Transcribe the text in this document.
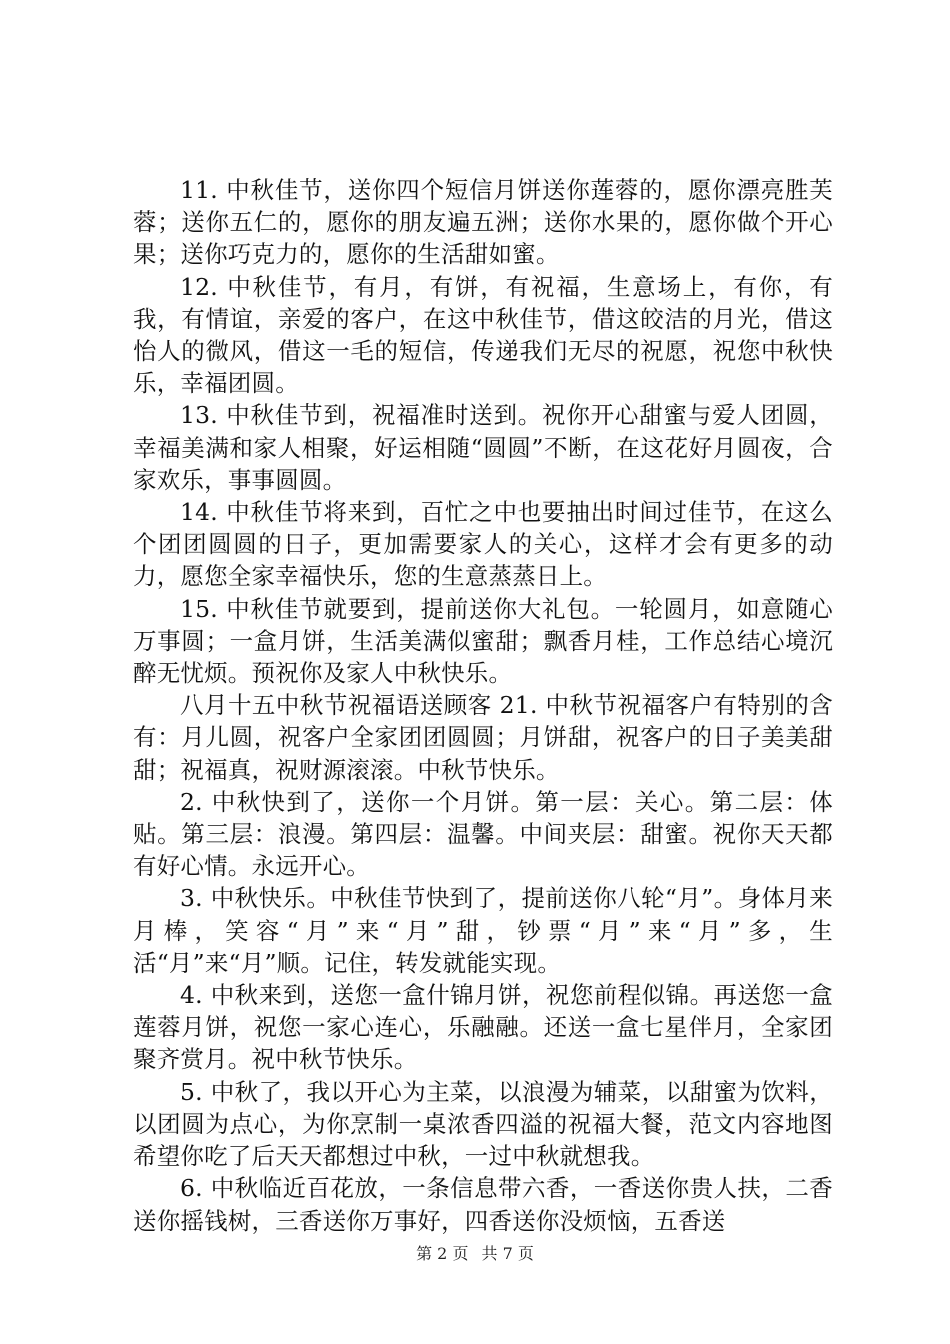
11. 中秋佳节，送你四个短信月饼送你莲蓉的，愿你漂亮胜芙蓉；送你五仁的，愿你的朋友遍五洲；送你水果的，愿你做个开心果；送你巧克力的，愿你的生活甜如蜜。

12. 中秋佳节，有月，有饼，有祝福，生意场上，有你，有我，有情谊，亲爱的客户，在这中秋佳节，借这皎洁的月光，借这怡人的微风，借这一毛的短信，传递我们无尽的祝愿，祝您中秋快乐，幸福团圆。

13. 中秋佳节到，祝福准时送到。祝你开心甜蜜与爱人团圆，幸福美满和家人相聚，好运相随“圆圆”不断，在这花好月圆夜，合家欢乐，事事圆圆。

14. 中秋佳节将来到，百忙之中也要抽出时间过佳节，在这么个团团圆圆的日子，更加需要家人的关心，这样才会有更多的动力，愿您全家幸福快乐，您的生意蒸蒸日上。

15. 中秋佳节就要到，提前送你大礼包。一轮圆月，如意随心万事圆；一盒月饼，生活美满似蜜甜；飘香月桂，工作总结心境沉醉无忧烦。预祝你及家人中秋快乐。

八月十五中秋节祝福语送顾客 21. 中秋节祝福客户有特别的含有：月儿圆，祝客户全家团团圆圆；月饼甜，祝客户的日子美美甜甜；祝福真，祝财源滚滚。中秋节快乐。

2. 中秋快到了，送你一个月饼。第一层：关心。第二层：体贴。第三层：浪漫。第四层：温馨。中间夹层：甜蜜。祝你天天都有好心情。永远开心。

3. 中秋快乐。中秋佳节快到了，提前送你八轮“月”。身体月来月棒，笑容“月”来“月”甜，钞票“月”来“月”多，生活“月”来“月”顺。记住，转发就能实现。

4. 中秋来到，送您一盒什锦月饼，祝您前程似锦。再送您一盒莲蓉月饼，祝您一家心连心，乐融融。还送一盒七星伴月，全家团聚齐赏月。祝中秋节快乐。

5. 中秋了，我以开心为主菜，以浪漫为辅菜，以甜蜜为饮料，以团圆为点心，为你烹制一桌浓香四溢的祝福大餐，范文内容地图希望你吃了后天天都想过中秋，一过中秋就想我。

6. 中秋临近百花放，一条信息带六香，一香送你贵人扶，二香送你摇钱树，三香送你万事好，四香送你没烦恼，五香送

第 2 页 共 7 页
